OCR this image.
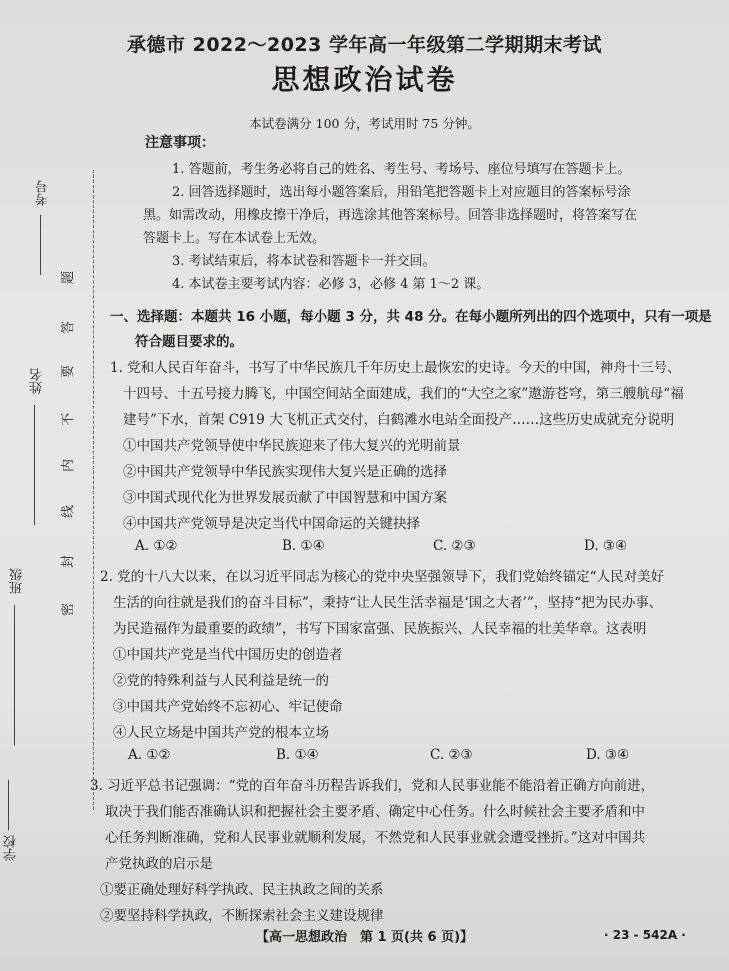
考号
姓名
班级
学校
题
答
要
不
内
线
封
密
承德市 2022～2023 学年高一年级第二学期期末考试
思想政治试卷
本试卷满分 100 分，考试用时 75 分钟。
注意事项：
1. 答题前，考生务必将自己的姓名、考生号、考场号、座位号填写在答题卡上。
2. 回答选择题时，选出每小题答案后，用铅笔把答题卡上对应题目的答案标号涂
黑。如需改动，用橡皮擦干净后，再选涂其他答案标号。回答非选择题时，将答案写在
答题卡上。写在本试卷上无效。
3. 考试结束后，将本试卷和答题卡一并交回。
4. 本试卷主要考试内容：必修 3，必修 4 第 1～2 课。
一、选择题：本题共 16 小题，每小题 3 分，共 48 分。在每小题所列出的四个选项中，只有一项是
符合题目要求的。
1. 党和人民百年奋斗，书写了中华民族几千年历史上最恢宏的史诗。今天的中国，神舟十三号、
十四号、十五号接力腾飞，中国空间站全面建成，我们的“大空之家”遨游苍穹，第三艘航母“福
建号”下水，首架 C919 大飞机正式交付，白鹤滩水电站全面投产……这些历史成就充分说明
①中国共产党领导使中华民族迎来了伟大复兴的光明前景
②中国共产党领导中华民族实现伟大复兴是正确的选择
③中国式现代化为世界发展贡献了中国智慧和中国方案
④中国共产党领导是决定当代中国命运的关键抉择
A. ①②	B. ①④	C. ②③	D. ③④
2. 党的十八大以来，在以习近平同志为核心的党中央坚强领导下，我们党始终锚定“人民对美好
生活的向往就是我们的奋斗目标”，秉持“让人民生活幸福是‘国之大者’”，坚持“把为民办事、
为民造福作为最重要的政绩”，书写下国家富强、民族振兴、人民幸福的壮美华章。这表明
①中国共产党是当代中国历史的创造者
②党的特殊利益与人民利益是统一的
③中国共产党始终不忘初心、牢记使命
④人民立场是中国共产党的根本立场
A. ①②	B. ①④	C. ②③	D. ③④
3. 习近平总书记强调：“党的百年奋斗历程告诉我们，党和人民事业能不能沿着正确方向前进，
取决于我们能否准确认识和把握社会主要矛盾、确定中心任务。什么时候社会主要矛盾和中
心任务判断准确，党和人民事业就顺利发展，不然党和人民事业就会遭受挫折。”这对中国共
产党执政的启示是
①要正确处理好科学执政、民主执政之间的关系
②要坚持科学执政，不断探索社会主义建设规律
【高一思想政治　第 1 页(共 6 页)】	· 23 - 542A ·
